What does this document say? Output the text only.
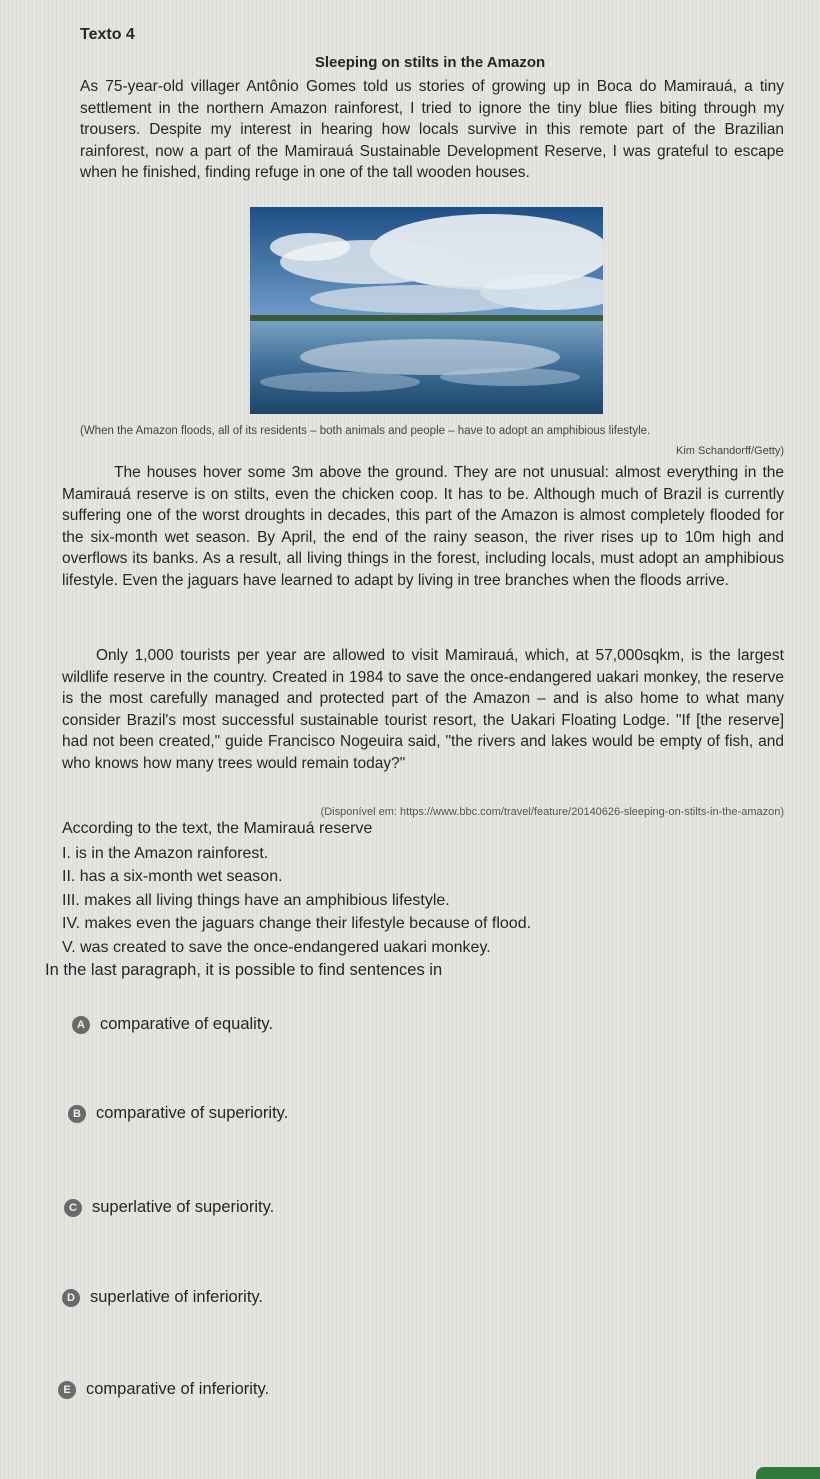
Texto 4
Sleeping on stilts in the Amazon

As 75-year-old villager Antônio Gomes told us stories of growing up in Boca do Mamirauá, a tiny settlement in the northern Amazon rainforest, I tried to ignore the tiny blue flies biting through my trousers. Despite my interest in hearing how locals survive in this remote part of the Brazilian rainforest, now a part of the Mamirauá Sustainable Development Reserve, I was grateful to escape when he finished, finding refuge in one of the tall wooden houses.

(When the Amazon floods, all of its residents – both animals and people – have to adopt an amphibious lifestyle.
Kim Schandorff/Getty)

The houses hover some 3m above the ground. They are not unusual: almost everything in the Mamirauá reserve is on stilts, even the chicken coop. It has to be. Although much of Brazil is currently suffering one of the worst droughts in decades, this part of the Amazon is almost completely flooded for the six-month wet season. By April, the end of the rainy season, the river rises up to 10m high and overflows its banks. As a result, all living things in the forest, including locals, must adopt an amphibious lifestyle. Even the jaguars have learned to adapt by living in tree branches when the floods arrive.

Only 1,000 tourists per year are allowed to visit Mamirauá, which, at 57,000sqkm, is the largest wildlife reserve in the country. Created in 1984 to save the once-endangered uakari monkey, the reserve is the most carefully managed and protected part of the Amazon – and is also home to what many consider Brazil's most successful sustainable tourist resort, the Uakari Floating Lodge. "If [the reserve] had not been created," guide Francisco Nogeuira said, "the rivers and lakes would be empty of fish, and who knows how many trees would remain today?"

(Disponível em: https://www.bbc.com/travel/feature/20140626-sleeping-on-stilts-in-the-amazon)
According to the text, the Mamirauá reserve
I. is in the Amazon rainforest.
II. has a six-month wet season.
III. makes all living things have an amphibious lifestyle.
IV. makes even the jaguars change their lifestyle because of flood.
V. was created to save the once-endangered uakari monkey.
In the last paragraph, it is possible to find sentences in
A comparative of equality.
B comparative of superiority.
C superlative of superiority.
D superlative of inferiority.
E comparative of inferiority.
